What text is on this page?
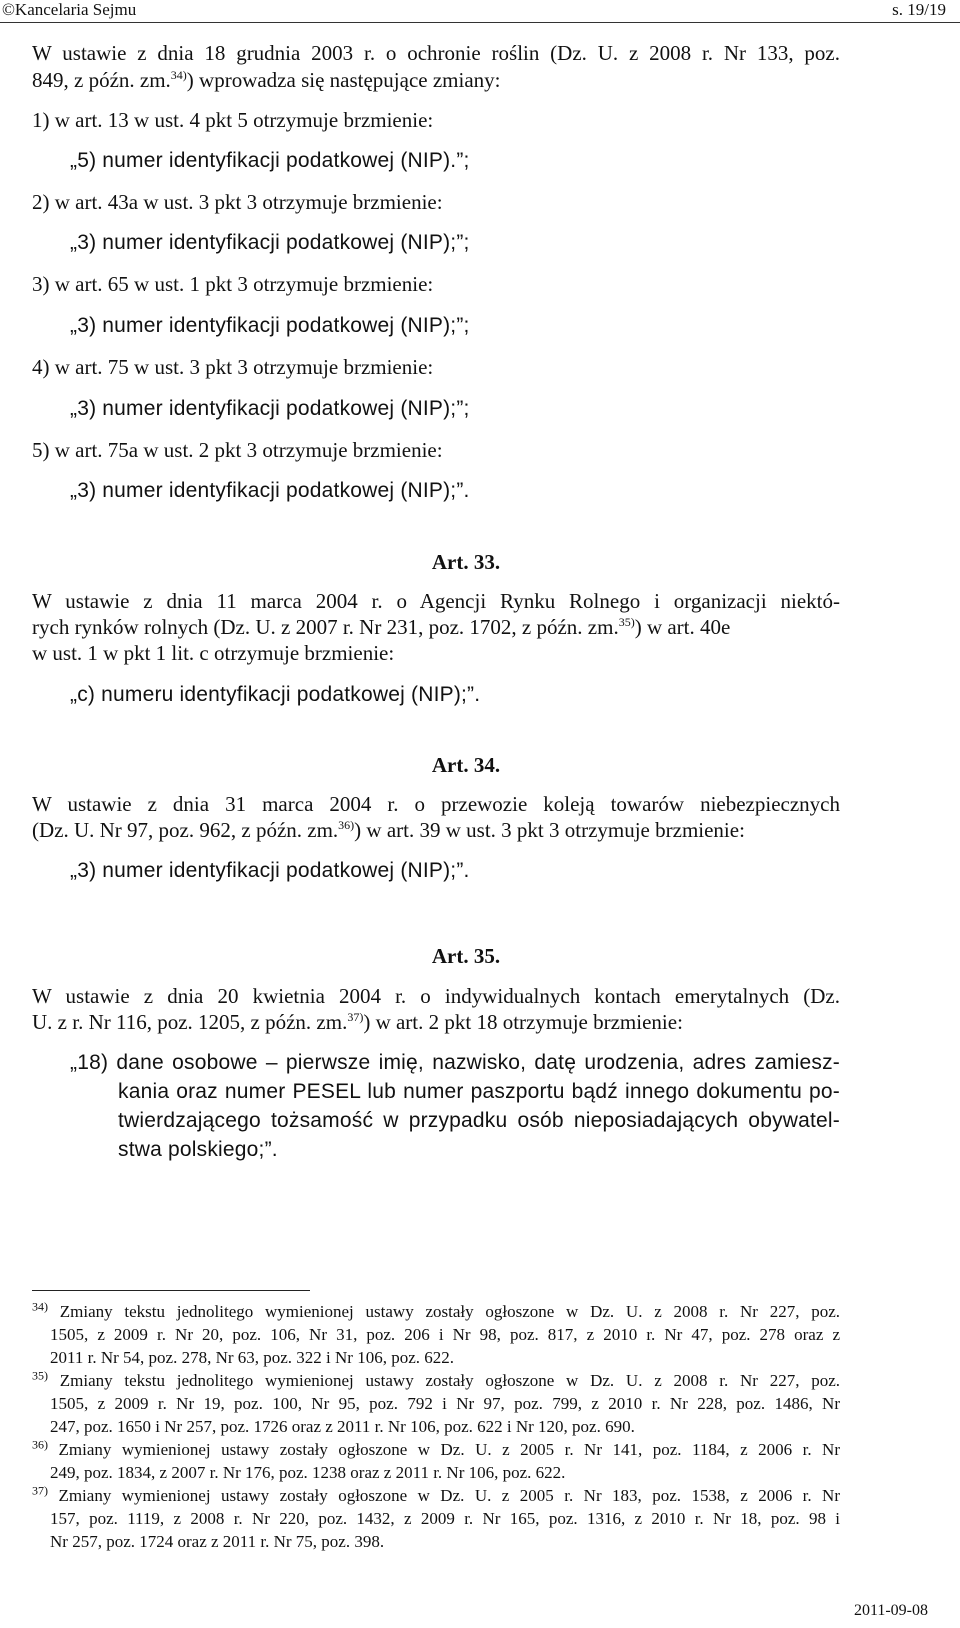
©Kancelaria Sejmu	s. 19/19
W ustawie z dnia 18 grudnia 2003 r. o ochronie roślin (Dz. U. z 2008 r. Nr 133, poz.
849, z późn. zm.$^{34)}$) wprowadza się następujące zmiany:
1) w art. 13 w ust. 4 pkt 5 otrzymuje brzmienie:
„5) numer identyfikacji podatkowej (NIP).”;
2) w art. 43a w ust. 3 pkt 3 otrzymuje brzmienie:
„3) numer identyfikacji podatkowej (NIP);”;
3) w art. 65 w ust. 1 pkt 3 otrzymuje brzmienie:
„3) numer identyfikacji podatkowej (NIP);”;
4) w art. 75 w ust. 3 pkt 3 otrzymuje brzmienie:
„3) numer identyfikacji podatkowej (NIP);”;
5) w art. 75a w ust. 2 pkt 3 otrzymuje brzmienie:
„3) numer identyfikacji podatkowej (NIP);”.
Art. 33.
W ustawie z dnia 11 marca 2004 r. o Agencji Rynku Rolnego i organizacji niektó-
rych rynków rolnych (Dz. U. z 2007 r. Nr 231, poz. 1702, z późn. zm.$^{35)}$) w art. 40e
w ust. 1 w pkt 1 lit. c otrzymuje brzmienie:
„c) numeru identyfikacji podatkowej (NIP);”.
Art. 34.
W ustawie z dnia 31 marca 2004 r. o przewozie koleją towarów niebezpiecznych
(Dz. U. Nr 97, poz. 962, z późn. zm.$^{36)}$) w art. 39 w ust. 3 pkt 3 otrzymuje brzmienie:
„3) numer identyfikacji podatkowej (NIP);”.
Art. 35.
W ustawie z dnia 20 kwietnia 2004 r. o indywidualnych kontach emerytalnych (Dz.
U. z r. Nr 116, poz. 1205, z późn. zm.$^{37)}$) w art. 2 pkt 18 otrzymuje brzmienie:
„18) dane osobowe – pierwsze imię, nazwisko, datę urodzenia, adres zamiesz-
kania oraz numer PESEL lub numer paszportu bądź innego dokumentu po-
twierdzającego tożsamość w przypadku osób nieposiadających obywatel-
stwa polskiego;”.
$^{34)}$ Zmiany tekstu jednolitego wymienionej ustawy zostały ogłoszone w Dz. U. z 2008 r. Nr 227, poz.
1505, z 2009 r. Nr 20, poz. 106, Nr 31, poz. 206 i Nr 98, poz. 817, z 2010 r. Nr 47, poz. 278 oraz z
2011 r. Nr 54, poz. 278, Nr 63, poz. 322 i Nr 106, poz. 622.
$^{35)}$ Zmiany tekstu jednolitego wymienionej ustawy zostały ogłoszone w Dz. U. z 2008 r. Nr 227, poz.
1505, z 2009 r. Nr 19, poz. 100, Nr 95, poz. 792 i Nr 97, poz. 799, z 2010 r. Nr 228, poz. 1486, Nr
247, poz. 1650 i Nr 257, poz. 1726 oraz z 2011 r. Nr 106, poz. 622 i Nr 120, poz. 690.
$^{36)}$ Zmiany wymienionej ustawy zostały ogłoszone w Dz. U. z 2005 r. Nr 141, poz. 1184, z 2006 r. Nr
249, poz. 1834, z 2007 r. Nr 176, poz. 1238 oraz z 2011 r. Nr 106, poz. 622.
$^{37)}$ Zmiany wymienionej ustawy zostały ogłoszone w Dz. U. z 2005 r. Nr 183, poz. 1538, z 2006 r. Nr
157, poz. 1119, z 2008 r. Nr 220, poz. 1432, z 2009 r. Nr 165, poz. 1316, z 2010 r. Nr 18, poz. 98 i
Nr 257, poz. 1724 oraz z 2011 r. Nr 75, poz. 398.
2011-09-08
